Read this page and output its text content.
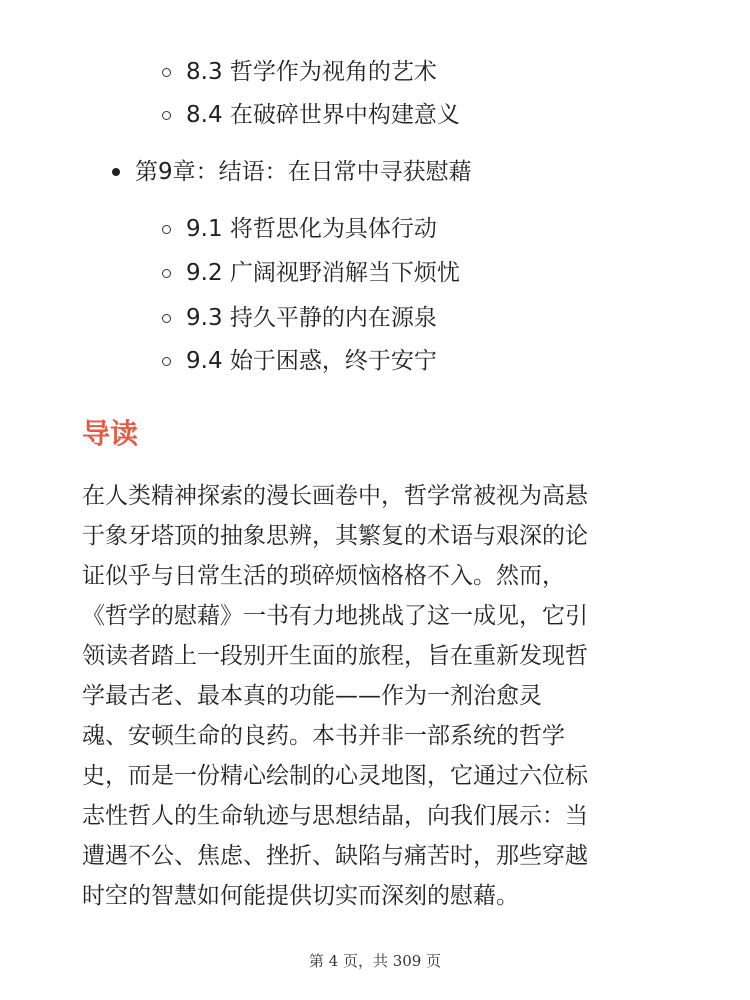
8.3 哲学作为视角的艺术
8.4 在破碎世界中构建意义
第9章：结语：在日常中寻获慰藉
9.1 将哲思化为具体行动
9.2 广阔视野消解当下烦忧
9.3 持久平静的内在源泉
9.4 始于困惑，终于安宁
导读

在人类精神探索的漫长画卷中，哲学常被视为高悬
于象牙塔顶的抽象思辨，其繁复的术语与艰深的论
证似乎与日常生活的琐碎烦恼格格不入。然而，
《哲学的慰藉》一书有力地挑战了这一成见，它引
领读者踏上一段别开生面的旅程，旨在重新发现哲
学最古老、最本真的功能——作为一剂治愈灵
魂、安顿生命的良药。本书并非一部系统的哲学
史，而是一份精心绘制的心灵地图，它通过六位标
志性哲人的生命轨迹与思想结晶，向我们展示：当
遭遇不公、焦虑、挫折、缺陷与痛苦时，那些穿越
时空的智慧如何能提供切实而深刻的慰藉。

第 4 页，共 309 页
